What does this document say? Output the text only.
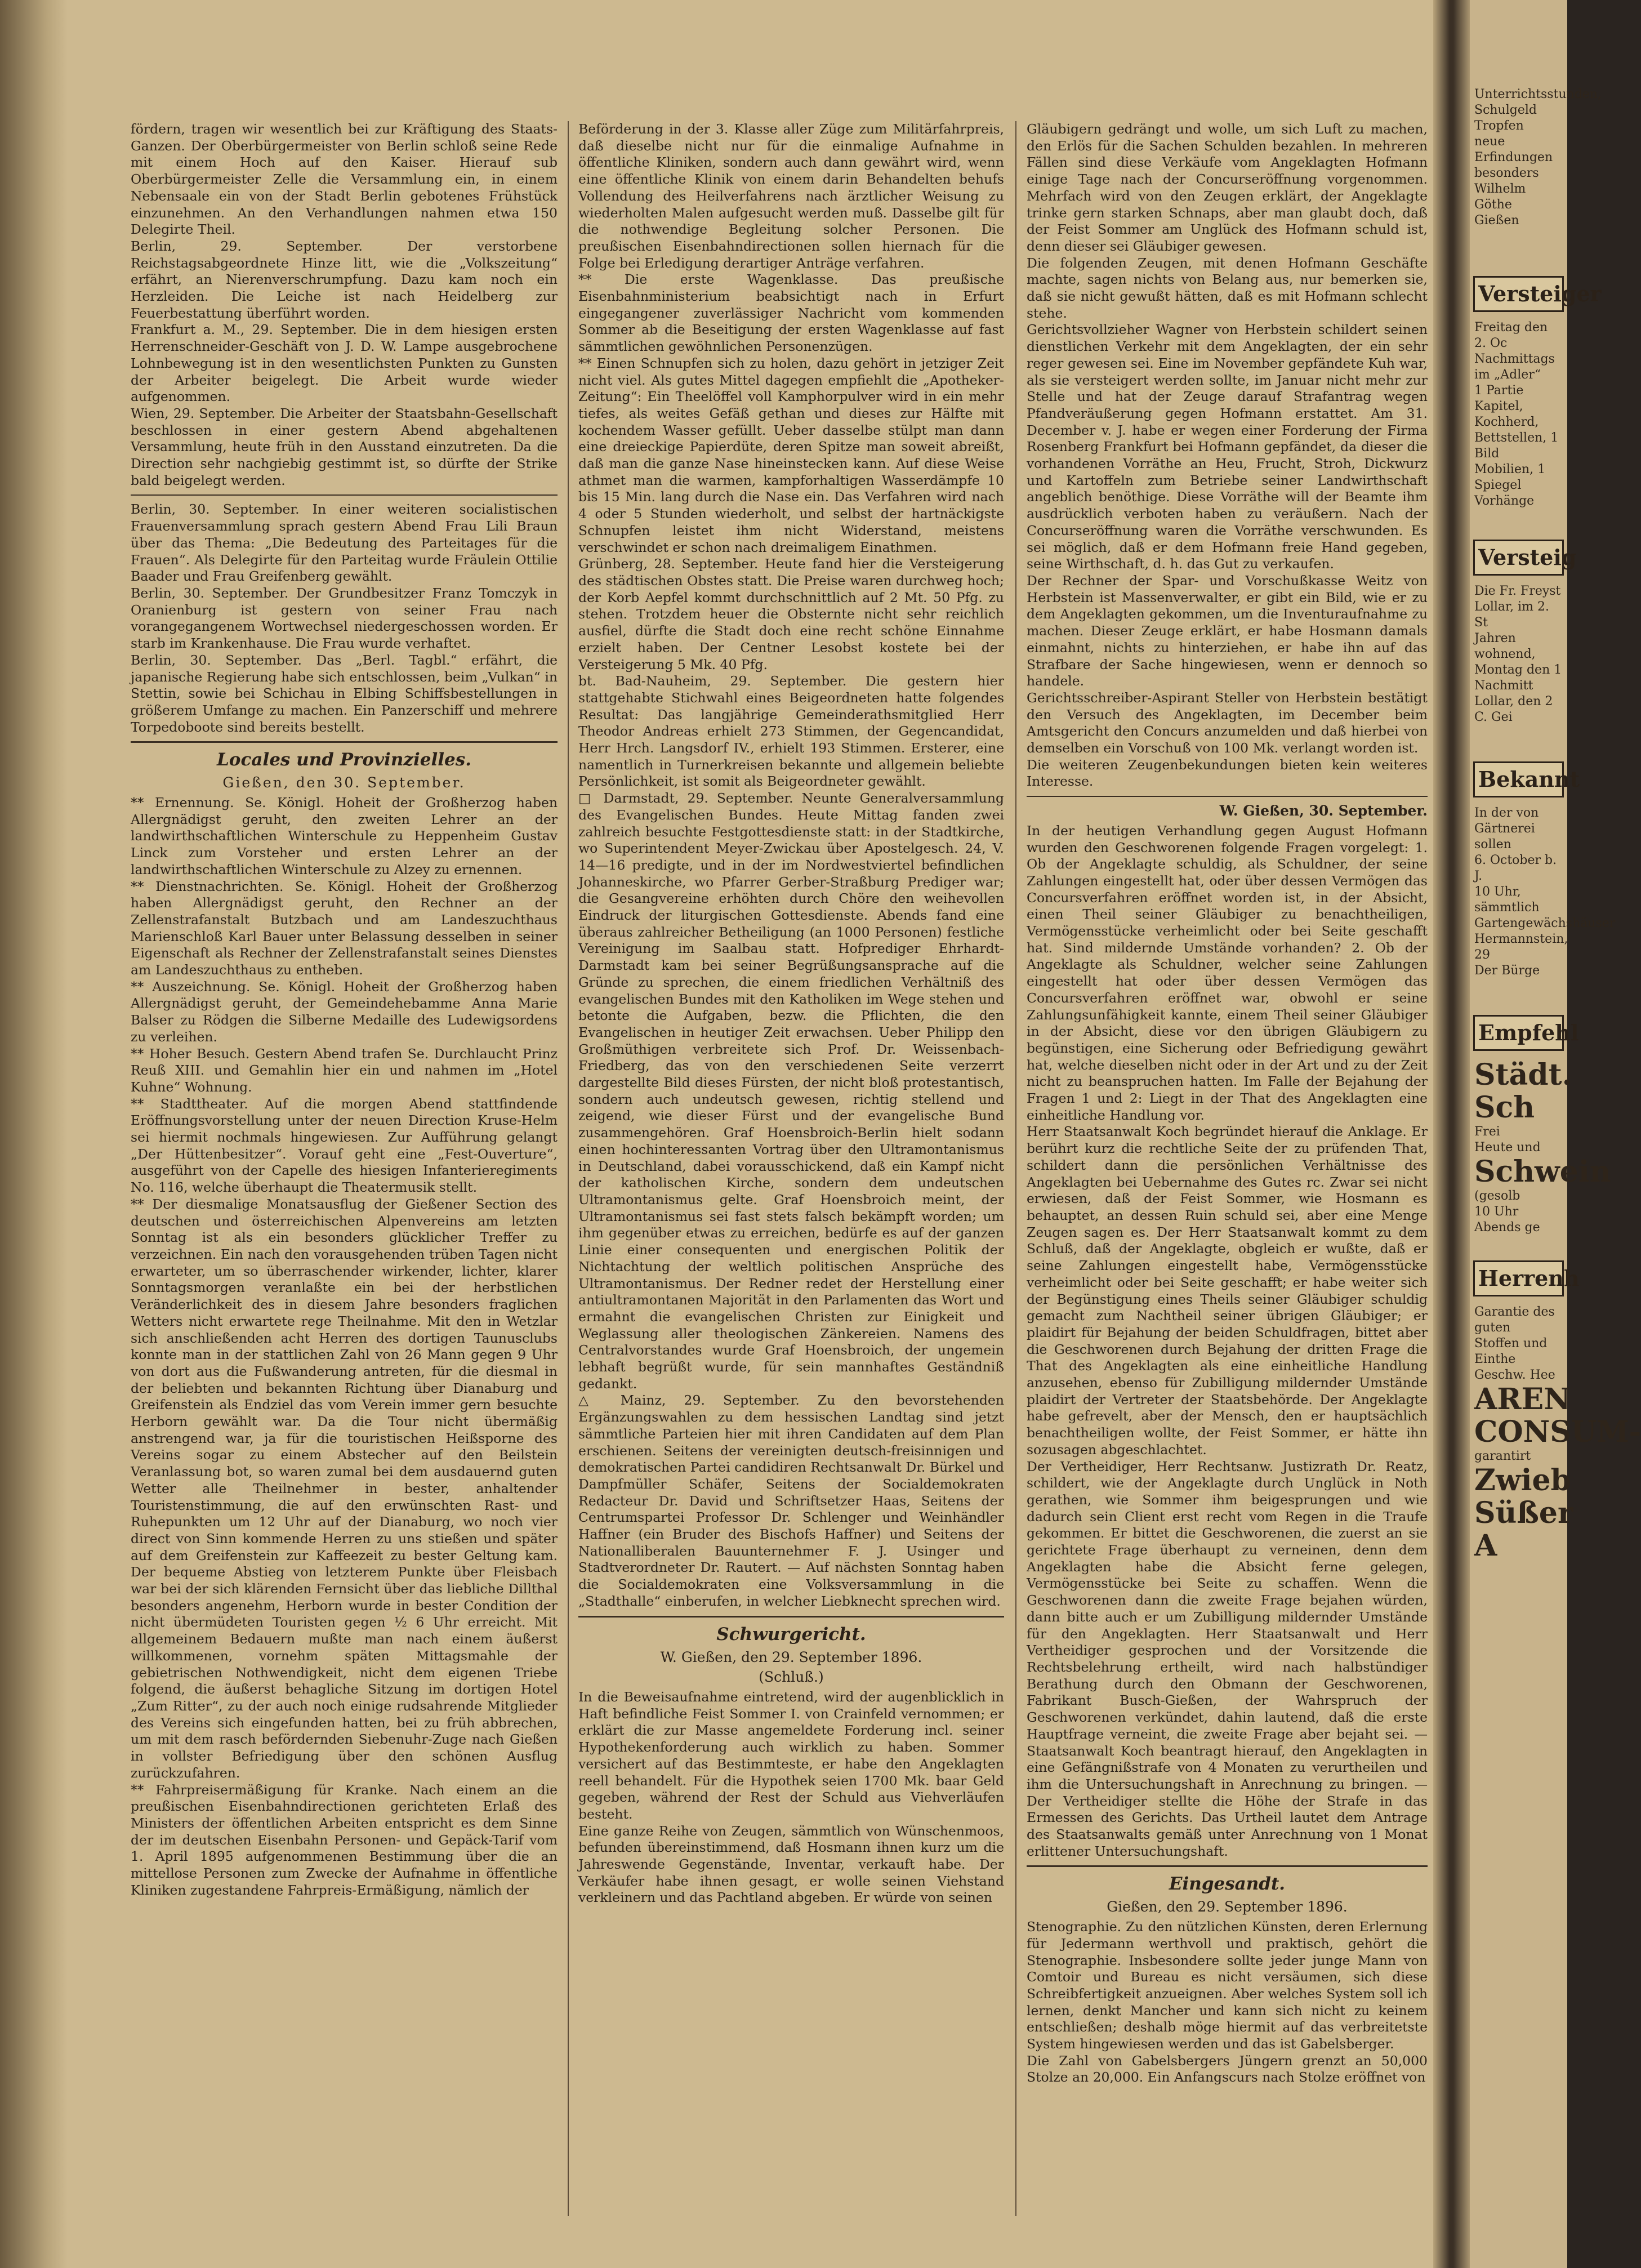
fördern, tragen wir wesentlich bei zur Kräftigung des Staats-Ganzen. Der Oberbürgermeister von Berlin schloß seine Rede mit einem Hoch auf den Kaiser. Hierauf sub Oberbürgermeister Zelle die Versammlung ein, in einem Nebensaale ein von der Stadt Berlin gebotenes Frühstück einzunehmen. An den Verhandlungen nahmen etwa 150 Delegirte Theil.

Berlin, 29. September. Der verstorbene Reichstagsabgeordnete Hinze litt, wie die „Volkszeitung“ erfährt, an Nierenverschrumpfung. Dazu kam noch ein Herzleiden. Die Leiche ist nach Heidelberg zur Feuerbestattung überführt worden.

Frankfurt a. M., 29. September. Die in dem hiesigen ersten Herrenschneider-Geschäft von J. D. W. Lampe ausgebrochene Lohnbewegung ist in den wesentlichsten Punkten zu Gunsten der Arbeiter beigelegt. Die Arbeit wurde wieder aufgenommen.

Wien, 29. September. Die Arbeiter der Staatsbahn-Gesellschaft beschlossen in einer gestern Abend abgehaltenen Versammlung, heute früh in den Ausstand einzutreten. Da die Direction sehr nachgiebig gestimmt ist, so dürfte der Strike bald beigelegt werden.

Berlin, 30. September. In einer weiteren socialistischen Frauenversammlung sprach gestern Abend Frau Lili Braun über das Thema: „Die Bedeutung des Parteitages für die Frauen“. Als Delegirte für den Parteitag wurde Fräulein Ottilie Baader und Frau Greifenberg gewählt.

Berlin, 30. September. Der Grundbesitzer Franz Tomczyk in Oranienburg ist gestern von seiner Frau nach vorangegangenem Wortwechsel niedergeschossen worden. Er starb im Krankenhause. Die Frau wurde verhaftet.

Berlin, 30. September. Das „Berl. Tagbl.“ erfährt, die japanische Regierung habe sich entschlossen, beim „Vulkan“ in Stettin, sowie bei Schichau in Elbing Schiffsbestellungen in größerem Umfange zu machen. Ein Panzerschiff und mehrere Torpedoboote sind bereits bestellt.

Locales und Provinzielles.
Gießen, den 30. September.

** Ernennung. Se. Königl. Hoheit der Großherzog haben Allergnädigst geruht, den zweiten Lehrer an der landwirthschaftlichen Winterschule zu Heppenheim Gustav Linck zum Vorsteher und ersten Lehrer an der landwirthschaftlichen Winterschule zu Alzey zu ernennen.

** Dienstnachrichten. Se. Königl. Hoheit der Großherzog haben Allergnädigst geruht, den Rechner an der Zellenstrafanstalt Butzbach und am Landeszuchthaus Marienschloß Karl Bauer unter Belassung desselben in seiner Eigenschaft als Rechner der Zellenstrafanstalt seines Dienstes am Landeszuchthaus zu entheben.

** Auszeichnung. Se. Königl. Hoheit der Großherzog haben Allergnädigst geruht, der Gemeindehebamme Anna Marie Balser zu Rödgen die Silberne Medaille des Ludewigsordens zu verleihen.

** Hoher Besuch. Gestern Abend trafen Se. Durchlaucht Prinz Reuß XIII. und Gemahlin hier ein und nahmen im „Hotel Kuhne“ Wohnung.

** Stadttheater. Auf die morgen Abend stattfindende Eröffnungsvorstellung unter der neuen Direction Kruse-Helm sei hiermit nochmals hingewiesen. Zur Aufführung gelangt „Der Hüttenbesitzer“. Vorauf geht eine „Fest-Ouverture“, ausgeführt von der Capelle des hiesigen Infanterieregiments No. 116, welche überhaupt die Theatermusik stellt.

** Der diesmalige Monatsausflug der Gießener Section des deutschen und österreichischen Alpenvereins am letzten Sonntag ist als ein besonders glücklicher Treffer zu verzeichnen. Ein nach den vorausgehenden trüben Tagen nicht erwarteter, um so überraschender wirkender, lichter, klarer Sonntagsmorgen veranlaßte ein bei der herbstlichen Veränderlichkeit des in diesem Jahre besonders fraglichen Wetters nicht erwartete rege Theilnahme. Mit den in Wetzlar sich anschließenden acht Herren des dortigen Taunusclubs konnte man in der stattlichen Zahl von 26 Mann gegen 9 Uhr von dort aus die Fußwanderung antreten, für die diesmal in der beliebten und bekannten Richtung über Dianaburg und Greifenstein als Endziel das vom Verein immer gern besuchte Herborn gewählt war. Da die Tour nicht übermäßig anstrengend war, ja für die touristischen Heißsporne des Vereins sogar zu einem Abstecher auf den Beilstein Veranlassung bot, so waren zumal bei dem ausdauernd guten Wetter alle Theilnehmer in bester, anhaltender Touristenstimmung, die auf den erwünschten Rast- und Ruhepunkten um 12 Uhr auf der Dianaburg, wo noch vier direct von Sinn kommende Herren zu uns stießen und später auf dem Greifenstein zur Kaffeezeit zu bester Geltung kam. Der bequeme Abstieg von letzterem Punkte über Fleisbach war bei der sich klärenden Fernsicht über das liebliche Dillthal besonders angenehm, Herborn wurde in bester Condition der nicht übermüdeten Touristen gegen ½ 6 Uhr erreicht. Mit allgemeinem Bedauern mußte man nach einem äußerst willkommenen, vornehm späten Mittagsmahle der gebietrischen Nothwendigkeit, nicht dem eigenen Triebe folgend, die äußerst behagliche Sitzung im dortigen Hotel „Zum Ritter“, zu der auch noch einige rudsahrende Mitglieder des Vereins sich eingefunden hatten, bei zu früh abbrechen, um mit dem rasch befördernden Siebenuhr-Zuge nach Gießen in vollster Befriedigung über den schönen Ausflug zurückzufahren.

** Fahrpreisermäßigung für Kranke. Nach einem an die preußischen Eisenbahndirectionen gerichteten Erlaß des Ministers der öffentlichen Arbeiten entspricht es dem Sinne der im deutschen Eisenbahn Personen- und Gepäck-Tarif vom 1. April 1895 aufgenommenen Bestimmung über die an mittellose Personen zum Zwecke der Aufnahme in öffentliche Kliniken zugestandene Fahrpreis-Ermäßigung, nämlich der

Beförderung in der 3. Klasse aller Züge zum Militärfahrpreis, daß dieselbe nicht nur für die einmalige Aufnahme in öffentliche Kliniken, sondern auch dann gewährt wird, wenn eine öffentliche Klinik von einem darin Behandelten behufs Vollendung des Heilverfahrens nach ärztlicher Weisung zu wiederholten Malen aufgesucht werden muß. Dasselbe gilt für die nothwendige Begleitung solcher Personen. Die preußischen Eisenbahndirectionen sollen hiernach für die Folge bei Erledigung derartiger Anträge verfahren.

** Die erste Wagenklasse. Das preußische Eisenbahnministerium beabsichtigt nach in Erfurt eingegangener zuverlässiger Nachricht vom kommenden Sommer ab die Beseitigung der ersten Wagenklasse auf fast sämmtlichen gewöhnlichen Personenzügen.

** Einen Schnupfen sich zu holen, dazu gehört in jetziger Zeit nicht viel. Als gutes Mittel dagegen empfiehlt die „Apotheker-Zeitung“: Ein Theelöffel voll Kamphorpulver wird in ein mehr tiefes, als weites Gefäß gethan und dieses zur Hälfte mit kochendem Wasser gefüllt. Ueber dasselbe stülpt man dann eine dreieckige Papierdüte, deren Spitze man soweit abreißt, daß man die ganze Nase hineinstecken kann. Auf diese Weise athmet man die warmen, kampforhaltigen Wasserdämpfe 10 bis 15 Min. lang durch die Nase ein. Das Verfahren wird nach 4 oder 5 Stunden wiederholt, und selbst der hartnäckigste Schnupfen leistet ihm nicht Widerstand, meistens verschwindet er schon nach dreimaligem Einathmen.

Grünberg, 28. September. Heute fand hier die Versteigerung des städtischen Obstes statt. Die Preise waren durchweg hoch; der Korb Aepfel kommt durchschnittlich auf 2 Mt. 50 Pfg. zu stehen. Trotzdem heuer die Obsternte nicht sehr reichlich ausfiel, dürfte die Stadt doch eine recht schöne Einnahme erzielt haben. Der Centner Lesobst kostete bei der Versteigerung 5 Mk. 40 Pfg.

bt. Bad-Nauheim, 29. September. Die gestern hier stattgehabte Stichwahl eines Beigeordneten hatte folgendes Resultat: Das langjährige Gemeinderathsmitglied Herr Theodor Andreas erhielt 273 Stimmen, der Gegencandidat, Herr Hrch. Langsdorf IV., erhielt 193 Stimmen. Ersterer, eine namentlich in Turnerkreisen bekannte und allgemein beliebte Persönlichkeit, ist somit als Beigeordneter gewählt.

□ Darmstadt, 29. September. Neunte Generalversammlung des Evangelischen Bundes. Heute Mittag fanden zwei zahlreich besuchte Festgottesdienste statt: in der Stadtkirche, wo Superintendent Meyer-Zwickau über Apostelgesch. 24, V. 14—16 predigte, und in der im Nordwestviertel befindlichen Johanneskirche, wo Pfarrer Gerber-Straßburg Prediger war; die Gesangvereine erhöhten durch Chöre den weihevollen Eindruck der liturgischen Gottesdienste. Abends fand eine überaus zahlreicher Betheiligung (an 1000 Personen) festliche Vereinigung im Saalbau statt. Hofprediger Ehrhardt-Darmstadt kam bei seiner Begrüßungsansprache auf die Gründe zu sprechen, die einem friedlichen Verhältniß des evangelischen Bundes mit den Katholiken im Wege stehen und betonte die Aufgaben, bezw. die Pflichten, die den Evangelischen in heutiger Zeit erwachsen. Ueber Philipp den Großmüthigen verbreitete sich Prof. Dr. Weissenbach-Friedberg, das von den verschiedenen Seite verzerrt dargestellte Bild dieses Fürsten, der nicht bloß protestantisch, sondern auch undeutsch gewesen, richtig stellend und zeigend, wie dieser Fürst und der evangelische Bund zusammengehören. Graf Hoensbroich-Berlin hielt sodann einen hochinteressanten Vortrag über den Ultramontanismus in Deutschland, dabei vorausschickend, daß ein Kampf nicht der katholischen Kirche, sondern dem undeutschen Ultramontanismus gelte. Graf Hoensbroich meint, der Ultramontanismus sei fast stets falsch bekämpft worden; um ihm gegenüber etwas zu erreichen, bedürfe es auf der ganzen Linie einer consequenten und energischen Politik der Nichtachtung der weltlich politischen Ansprüche des Ultramontanismus. Der Redner redet der Herstellung einer antiultramontanen Majorität in den Parlamenten das Wort und ermahnt die evangelischen Christen zur Einigkeit und Weglassung aller theologischen Zänkereien. Namens des Centralvorstandes wurde Graf Hoensbroich, der ungemein lebhaft begrüßt wurde, für sein mannhaftes Geständniß gedankt.

△ Mainz, 29. September. Zu den bevorstehenden Ergänzungswahlen zu dem hessischen Landtag sind jetzt sämmtliche Parteien hier mit ihren Candidaten auf dem Plan erschienen. Seitens der vereinigten deutsch-freisinnigen und demokratischen Partei candidiren Rechtsanwalt Dr. Bürkel und Dampfmüller Schäfer, Seitens der Socialdemokraten Redacteur Dr. David und Schriftsetzer Haas, Seitens der Centrumspartei Professor Dr. Schlenger und Weinhändler Haffner (ein Bruder des Bischofs Haffner) und Seitens der Nationalliberalen Bauunternehmer F. J. Usinger und Stadtverordneter Dr. Rautert. — Auf nächsten Sonntag haben die Socialdemokraten eine Volksversammlung in die „Stadthalle“ einberufen, in welcher Liebknecht sprechen wird.

Schwurgericht.
W. Gießen, den 29. September 1896.
(Schluß.)

In die Beweisaufnahme eintretend, wird der augenblicklich in Haft befindliche Feist Sommer I. von Crainfeld vernommen; er erklärt die zur Masse angemeldete Forderung incl. seiner Hypothekenforderung auch wirklich zu haben. Sommer versichert auf das Bestimmteste, er habe den Angeklagten reell behandelt. Für die Hypothek seien 1700 Mk. baar Geld gegeben, während der Rest der Schuld aus Viehverläufen besteht.

Eine ganze Reihe von Zeugen, sämmtlich von Wünschenmoos, befunden übereinstimmend, daß Hosmann ihnen kurz um die Jahreswende Gegenstände, Inventar, verkauft habe. Der Verkäufer habe ihnen gesagt, er wolle seinen Viehstand verkleinern und das Pachtland abgeben. Er würde von seinen

Gläubigern gedrängt und wolle, um sich Luft zu machen, den Erlös für die Sachen Schulden bezahlen. In mehreren Fällen sind diese Verkäufe vom Angeklagten Hofmann einige Tage nach der Concurseröffnung vorgenommen. Mehrfach wird von den Zeugen erklärt, der Angeklagte trinke gern starken Schnaps, aber man glaubt doch, daß der Feist Sommer am Unglück des Hofmann schuld ist, denn dieser sei Gläubiger gewesen.

Die folgenden Zeugen, mit denen Hofmann Geschäfte machte, sagen nichts von Belang aus, nur bemerken sie, daß sie nicht gewußt hätten, daß es mit Hofmann schlecht stehe.

Gerichtsvollzieher Wagner von Herbstein schildert seinen dienstlichen Verkehr mit dem Angeklagten, der ein sehr reger gewesen sei. Eine im November gepfändete Kuh war, als sie versteigert werden sollte, im Januar nicht mehr zur Stelle und hat der Zeuge darauf Strafantrag wegen Pfandveräußerung gegen Hofmann erstattet. Am 31. December v. J. habe er wegen einer Forderung der Firma Rosenberg Frankfurt bei Hofmann gepfändet, da dieser die vorhandenen Vorräthe an Heu, Frucht, Stroh, Dickwurz und Kartoffeln zum Betriebe seiner Landwirthschaft angeblich benöthige. Diese Vorräthe will der Beamte ihm ausdrücklich verboten haben zu veräußern. Nach der Concurseröffnung waren die Vorräthe verschwunden. Es sei möglich, daß er dem Hofmann freie Hand gegeben, seine Wirthschaft, d. h. das Gut zu verkaufen.

Der Rechner der Spar- und Vorschußkasse Weitz von Herbstein ist Massenverwalter, er gibt ein Bild, wie er zu dem Angeklagten gekommen, um die Inventuraufnahme zu machen. Dieser Zeuge erklärt, er habe Hosmann damals einmahnt, nichts zu hinterziehen, er habe ihn auf das Strafbare der Sache hingewiesen, wenn er dennoch so handele.

Gerichtsschreiber-Aspirant Steller von Herbstein bestätigt den Versuch des Angeklagten, im December beim Amtsgericht den Concurs anzumelden und daß hierbei von demselben ein Vorschuß von 100 Mk. verlangt worden ist.

Die weiteren Zeugenbekundungen bieten kein weiteres Interesse.

W. Gießen, 30. September.

In der heutigen Verhandlung gegen August Hofmann wurden den Geschworenen folgende Fragen vorgelegt: 1. Ob der Angeklagte schuldig, als Schuldner, der seine Zahlungen eingestellt hat, oder über dessen Vermögen das Concursverfahren eröffnet worden ist, in der Absicht, einen Theil seiner Gläubiger zu benachtheiligen, Vermögensstücke verheimlicht oder bei Seite geschafft hat. Sind mildernde Umstände vorhanden? 2. Ob der Angeklagte als Schuldner, welcher seine Zahlungen eingestellt hat oder über dessen Vermögen das Concursverfahren eröffnet war, obwohl er seine Zahlungsunfähigkeit kannte, einem Theil seiner Gläubiger in der Absicht, diese vor den übrigen Gläubigern zu begünstigen, eine Sicherung oder Befriedigung gewährt hat, welche dieselben nicht oder in der Art und zu der Zeit nicht zu beanspruchen hatten. Im Falle der Bejahung der Fragen 1 und 2: Liegt in der That des Angeklagten eine einheitliche Handlung vor.

Herr Staatsanwalt Koch begründet hierauf die Anklage. Er berührt kurz die rechtliche Seite der zu prüfenden That, schildert dann die persönlichen Verhältnisse des Angeklagten bei Uebernahme des Gutes rc. Zwar sei nicht erwiesen, daß der Feist Sommer, wie Hosmann es behauptet, an dessen Ruin schuld sei, aber eine Menge Zeugen sagen es. Der Herr Staatsanwalt kommt zu dem Schluß, daß der Angeklagte, obgleich er wußte, daß er seine Zahlungen eingestellt habe, Vermögensstücke verheimlicht oder bei Seite geschafft; er habe weiter sich der Begünstigung eines Theils seiner Gläubiger schuldig gemacht zum Nachtheil seiner übrigen Gläubiger; er plaidirt für Bejahung der beiden Schuldfragen, bittet aber die Geschworenen durch Bejahung der dritten Frage die That des Angeklagten als eine einheitliche Handlung anzusehen, ebenso für Zubilligung mildernder Umstände plaidirt der Vertreter der Staatsbehörde. Der Angeklagte habe gefrevelt, aber der Mensch, den er hauptsächlich benachtheiligen wollte, der Feist Sommer, er hätte ihn sozusagen abgeschlachtet.

Der Vertheidiger, Herr Rechtsanw. Justizrath Dr. Reatz, schildert, wie der Angeklagte durch Unglück in Noth gerathen, wie Sommer ihm beigesprungen und wie dadurch sein Client erst recht vom Regen in die Traufe gekommen. Er bittet die Geschworenen, die zuerst an sie gerichtete Frage überhaupt zu verneinen, denn dem Angeklagten habe die Absicht ferne gelegen, Vermögensstücke bei Seite zu schaffen. Wenn die Geschworenen dann die zweite Frage bejahen würden, dann bitte auch er um Zubilligung mildernder Umstände für den Angeklagten. Herr Staatsanwalt und Herr Vertheidiger gesprochen und der Vorsitzende die Rechtsbelehrung ertheilt, wird nach halbstündiger Berathung durch den Obmann der Geschworenen, Fabrikant Busch-Gießen, der Wahrspruch der Geschworenen verkündet, dahin lautend, daß die erste Hauptfrage verneint, die zweite Frage aber bejaht sei. — Staatsanwalt Koch beantragt hierauf, den Angeklagten in eine Gefängnißstrafe von 4 Monaten zu verurtheilen und ihm die Untersuchungshaft in Anrechnung zu bringen. — Der Vertheidiger stellte die Höhe der Strafe in das Ermessen des Gerichts. Das Urtheil lautet dem Antrage des Staatsanwalts gemäß unter Anrechnung von 1 Monat erlittener Untersuchungshaft.

Eingesandt.
Gießen, den 29. September 1896.

Stenographie. Zu den nützlichen Künsten, deren Erlernung für Jedermann werthvoll und praktisch, gehört die Stenographie. Insbesondere sollte jeder junge Mann von Comtoir und Bureau es nicht versäumen, sich diese Schreibfertigkeit anzueignen. Aber welches System soll ich lernen, denkt Mancher und kann sich nicht zu keinem entschließen; deshalb möge hiermit auf das verbreitetste System hingewiesen werden und das ist Gabelsberger.

Die Zahl von Gabelsbergers Jüngern grenzt an 50,000 Stolze an 20,000. Ein Anfangscurs nach Stolze eröffnet von

Unterrichtsstunden,
Schulgeld
Tropfen
neue Erfindungen
besonders
Wilhelm Göthe
Gießen
Versteiger
Freitag den 2. Oc
Nachmittags
im „Adler“
1 Partie Kapitel,
Kochherd,
Bettstellen, 1 Bild
Mobilien, 1 Spiegel
Vorhänge
Versteig
Die Fr. Freyst
Lollar, im 2. St
Jahren wohnend,
Montag den 1
Nachmitt
Lollar, den 2
C. Gei
Bekannt
In der von
Gärtnerei sollen
6. October b. J.
10 Uhr, sämmtlich
Gartengewächshäuser
Hermannstein, 29
Der Bürge
Empfehl
Städt. Sch
Frei
Heute und
Schwein
(gesolb
10 Uhr Abends ge
Herrenh
Garantie des guten
Stoffen und Einthe
Geschw. Hee
AREN
CONSUM-
garantirt
Zwieb
Süßer A
